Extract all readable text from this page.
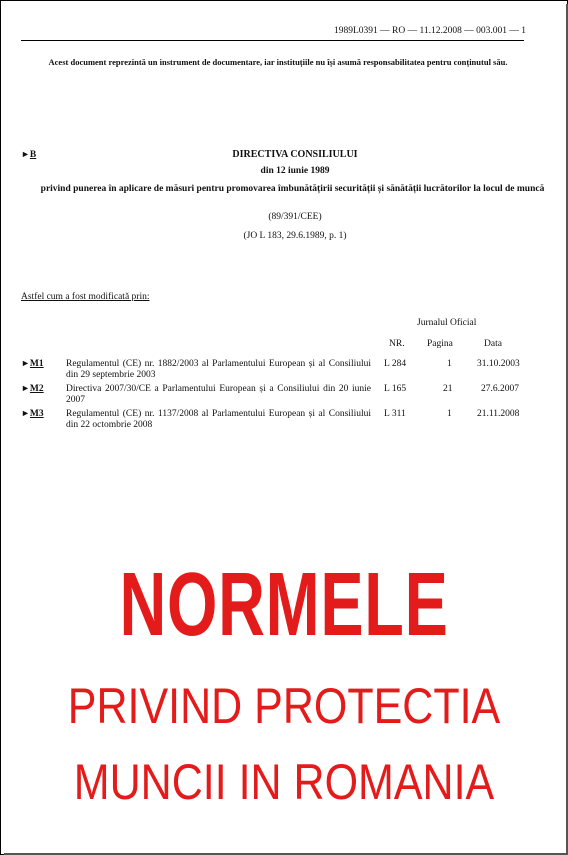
1989L0391 — RO — 11.12.2008 — 003.001 — 1
Acest document reprezintă un instrument de documentare, iar instituțiile nu își asumă responsabilitatea pentru conținutul său.
►B	DIRECTIVA CONSILIULUI
din 12 iunie 1989
privind punerea în aplicare de măsuri pentru promovarea îmbunătățirii securității și sănătății lucrătorilor la locul de muncă
(89/391/CEE)
(JO L 183, 29.6.1989, p. 1)
Astfel cum a fost modificată prin:
Jurnalul Oficial
NR. Pagina	Data
►M1 Regulamentul (CE) nr. 1882/2003 al Parlamentului European și al Consiliului din 29 septembrie 2003
L 284	1	31.10.2003
►M2 Directiva 2007/30/CE a Parlamentului European și a Consiliului din 20 iunie 2007
L 165	21	27.6.2007
►M3 Regulamentul (CE) nr. 1137/2008 al Parlamentului European și al Consiliului din 22 octombrie 2008
L 311	1	21.11.2008
NORMELE
PRIVIND PROTECTIA
MUNCII IN ROMANIA
